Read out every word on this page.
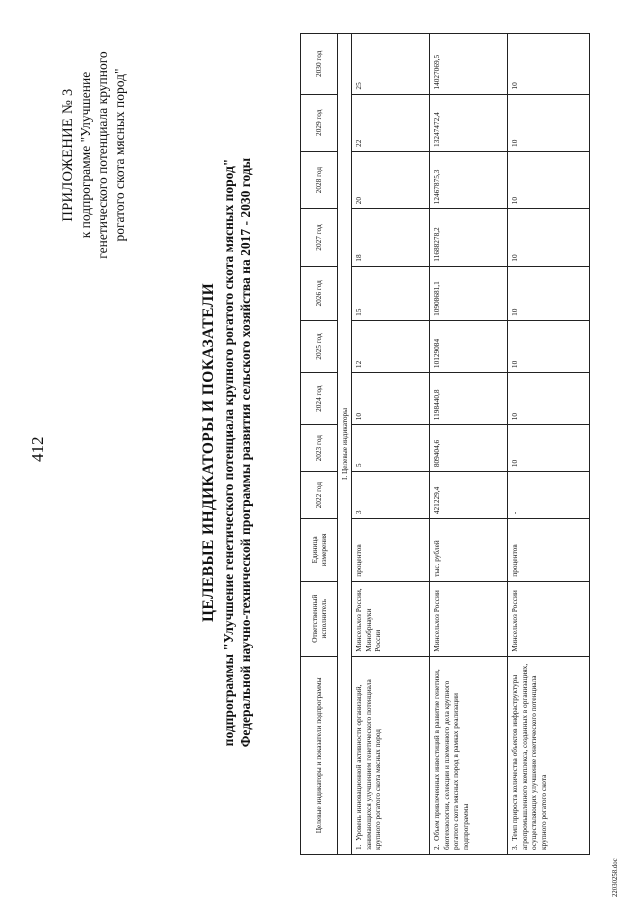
412
ПРИЛОЖЕНИЕ № 3 к подпрограмме "Улучшение генетического потенциала крупного рогатого скота мясных пород"
ЦЕЛЕВЫЕ ИНДИКАТОРЫ И ПОКАЗАТЕЛИ подпрограммы "Улучшение генетического потенциала крупного рогатого скота мясных пород" Федеральной научно-технической программы развития сельского хозяйства на 2017 - 2030 годы
Целевые индикаторы и показатели подпрограммы	Ответственный исполнитель	Единица измерения	2022 год	2023 год	2024 год	2025 год	2026 год	2027 год	2028 год	2029 год	2030 год
I. Целевые индикаторы											
1.  Уровень инновационной активности организаций, занимающихся улучшением генетического потенциала крупного рогатого скота мясных пород	Минсельхоз России, Минобрнауки России	процентов	3	5	10	12	15	18	20	22	25
2.  Объем привлеченных инвестиций в развитие генетики, биотехнологии, селекции и племенного дела крупного рогатого скота мясных пород в рамках реализации подпрограммы	Минсельхоз России	тыс. рублей	421229,4	809404,6	1198440,8	10129084	10908681,1	11688278,2	12467875,3	13247472,4	14027069,5
3.  Темп прироста количества объектов инфраструктуры агропромышленного комплекса, созданных в организациях, осуществляющих улучшение генетического потенциала крупного рогатого скота	Минсельхоз России	процентов	-	10	10	10	10	10	10	10	10
22030258.doc
